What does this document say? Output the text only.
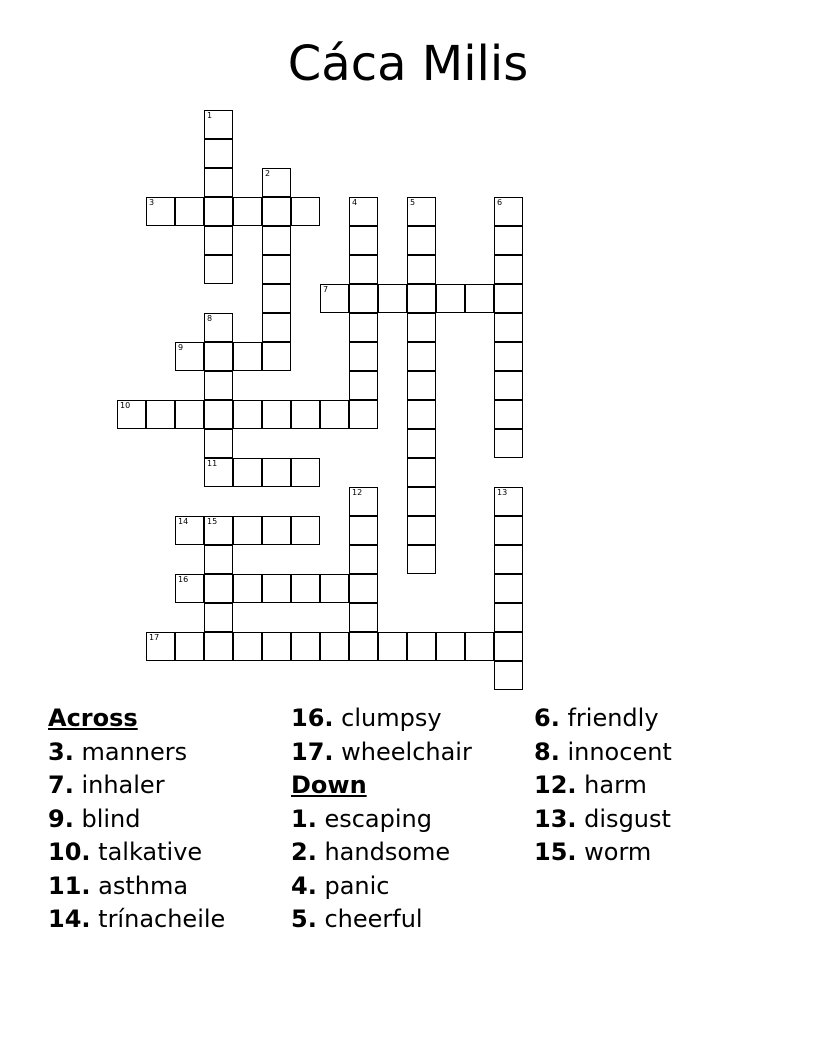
Cáca Milis
1
2
3	4	5	6
7
8
11
9
10
12	13
14 15
16
17
Across
3. manners
7. inhaler
9. blind
10. talkative
11. asthma
14. trínacheile
16. clumpsy
17. wheelchair
Down
1. escaping
2. handsome
4. panic
5. cheerful
6. friendly
8. innocent
12. harm
13. disgust
15. worm
